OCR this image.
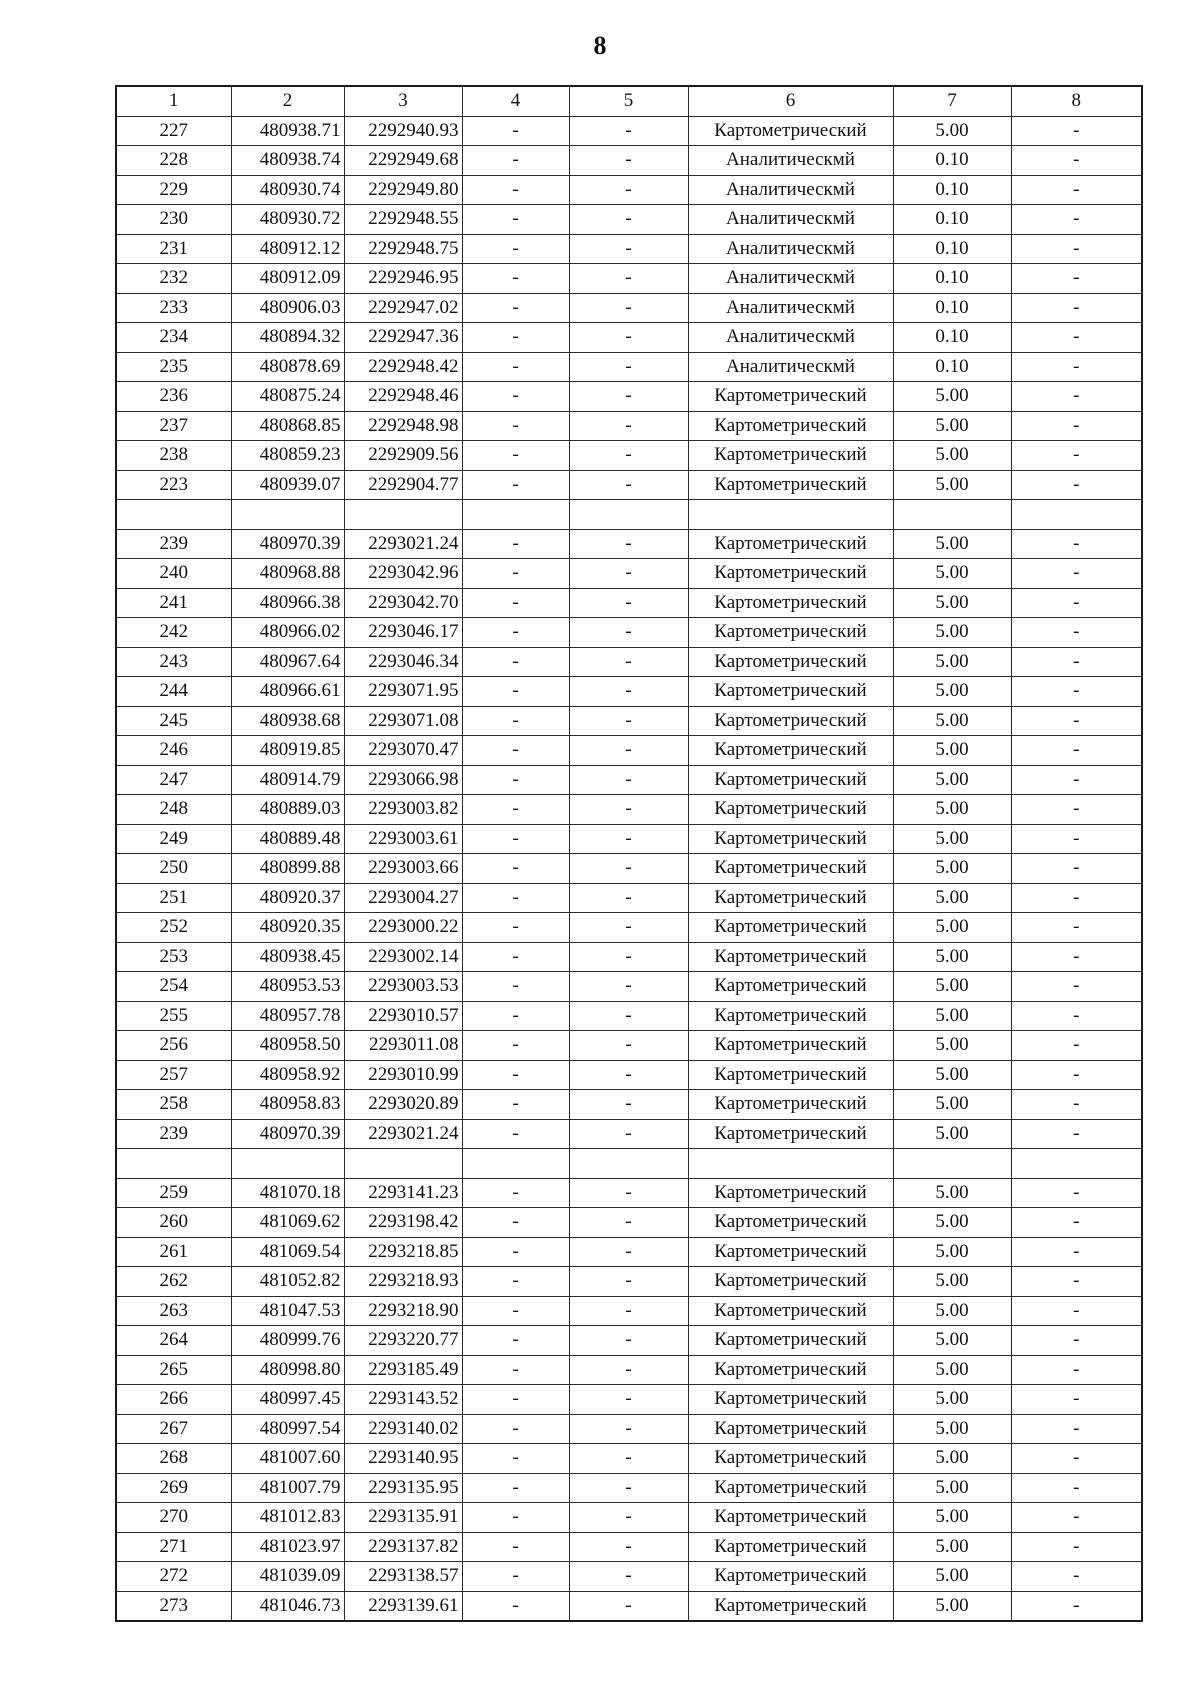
8
1	2	3	4	5	6	7	8
227	480938.71	2292940.93	-	-	Картометрический	5.00	-
228	480938.74	2292949.68	-	-	Аналитическмй	0.10	-
229	480930.74	2292949.80	-	-	Аналитическмй	0.10	-
230	480930.72	2292948.55	-	-	Аналитическмй	0.10	-
231	480912.12	2292948.75	-	-	Аналитическмй	0.10	-
232	480912.09	2292946.95	-	-	Аналитическмй	0.10	-
233	480906.03	2292947.02	-	-	Аналитическмй	0.10	-
234	480894.32	2292947.36	-	-	Аналитическмй	0.10	-
235	480878.69	2292948.42	-	-	Аналитическмй	0.10	-
236	480875.24	2292948.46	-	-	Картометрический	5.00	-
237	480868.85	2292948.98	-	-	Картометрический	5.00	-
238	480859.23	2292909.56	-	-	Картометрический	5.00	-
223	480939.07	2292904.77	-	-	Картометрический	5.00	-

239	480970.39	2293021.24	-	-	Картометрический	5.00	-
240	480968.88	2293042.96	-	-	Картометрический	5.00	-
241	480966.38	2293042.70	-	-	Картометрический	5.00	-
242	480966.02	2293046.17	-	-	Картометрический	5.00	-
243	480967.64	2293046.34	-	-	Картометрический	5.00	-
244	480966.61	2293071.95	-	-	Картометрический	5.00	-
245	480938.68	2293071.08	-	-	Картометрический	5.00	-
246	480919.85	2293070.47	-	-	Картометрический	5.00	-
247	480914.79	2293066.98	-	-	Картометрический	5.00	-
248	480889.03	2293003.82	-	-	Картометрический	5.00	-
249	480889.48	2293003.61	-	-	Картометрический	5.00	-
250	480899.88	2293003.66	-	-	Картометрический	5.00	-
251	480920.37	2293004.27	-	-	Картометрический	5.00	-
252	480920.35	2293000.22	-	-	Картометрический	5.00	-
253	480938.45	2293002.14	-	-	Картометрический	5.00	-
254	480953.53	2293003.53	-	-	Картометрический	5.00	-
255	480957.78	2293010.57	-	-	Картометрический	5.00	-
256	480958.50	2293011.08	-	-	Картометрический	5.00	-
257	480958.92	2293010.99	-	-	Картометрический	5.00	-
258	480958.83	2293020.89	-	-	Картометрический	5.00	-
239	480970.39	2293021.24	-	-	Картометрический	5.00	-

259	481070.18	2293141.23	-	-	Картометрический	5.00	-
260	481069.62	2293198.42	-	-	Картометрический	5.00	-
261	481069.54	2293218.85	-	-	Картометрический	5.00	-
262	481052.82	2293218.93	-	-	Картометрический	5.00	-
263	481047.53	2293218.90	-	-	Картометрический	5.00	-
264	480999.76	2293220.77	-	-	Картометрический	5.00	-
265	480998.80	2293185.49	-	-	Картометрический	5.00	-
266	480997.45	2293143.52	-	-	Картометрический	5.00	-
267	480997.54	2293140.02	-	-	Картометрический	5.00	-
268	481007.60	2293140.95	-	-	Картометрический	5.00	-
269	481007.79	2293135.95	-	-	Картометрический	5.00	-
270	481012.83	2293135.91	-	-	Картометрический	5.00	-
271	481023.97	2293137.82	-	-	Картометрический	5.00	-
272	481039.09	2293138.57	-	-	Картометрический	5.00	-
273	481046.73	2293139.61	-	-	Картометрический	5.00	-
